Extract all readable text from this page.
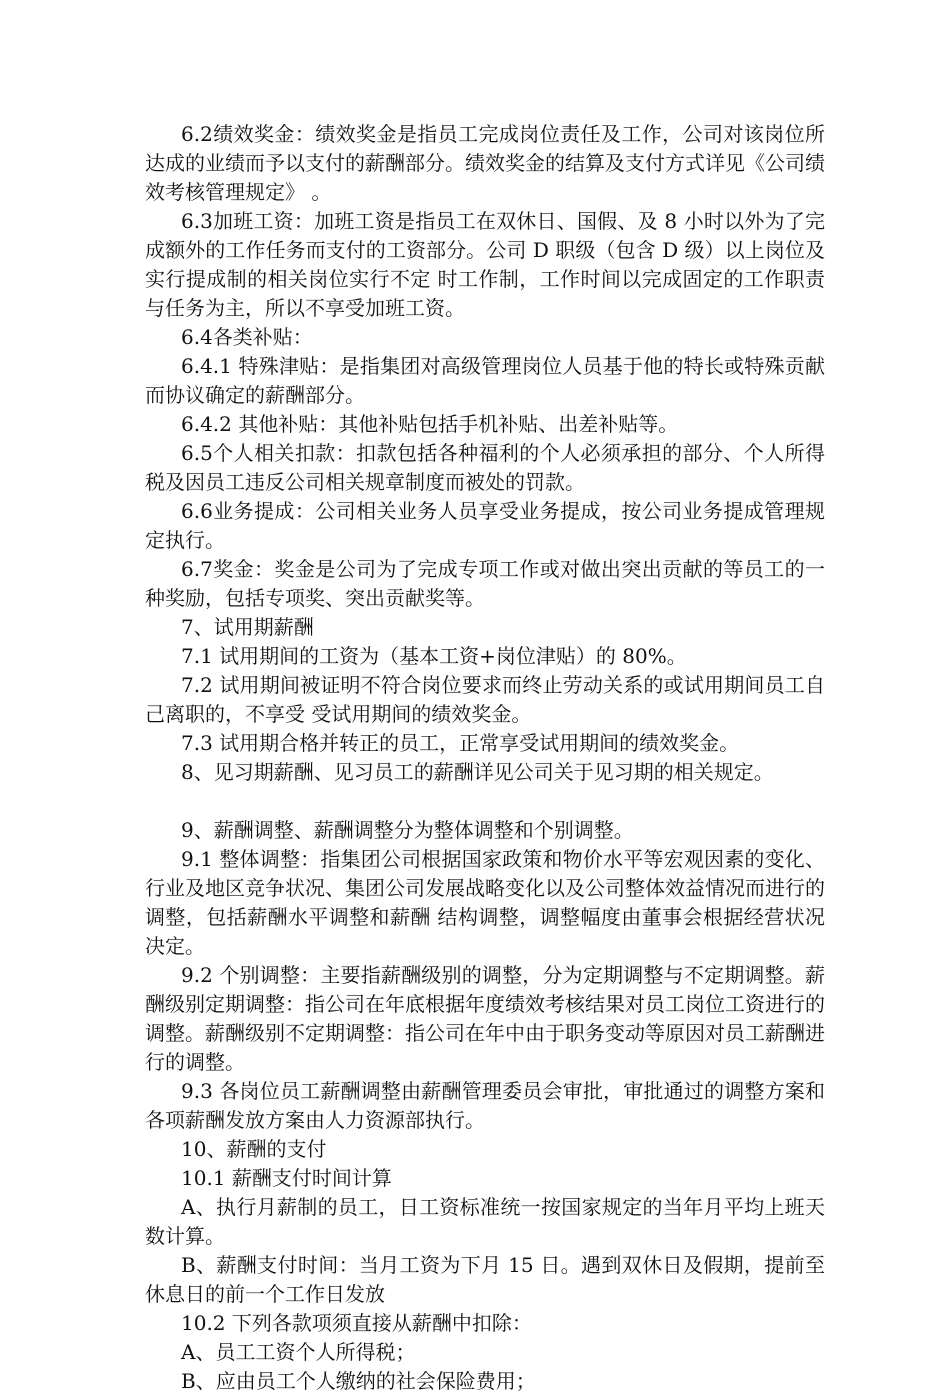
6.2绩效奖金：绩效奖金是指员工完成岗位责任及工作，公司对该岗位所达成的业绩而予以支付的薪酬部分。绩效奖金的结算及支付方式详见《公司绩效考核管理规定》 。

6.3加班工资：加班工资是指员工在双休日、国假、及 8 小时以外为了完成额外的工作任务而支付的工资部分。公司 D 职级（包含 D 级）以上岗位及实行提成制的相关岗位实行不定 时工作制，工作时间以完成固定的工作职责与任务为主，所以不享受加班工资。

6.4各类补贴：

6.4.1 特殊津贴：是指集团对高级管理岗位人员基于他的特长或特殊贡献而协议确定的薪酬部分。

6.4.2 其他补贴：其他补贴包括手机补贴、出差补贴等。

6.5个人相关扣款：扣款包括各种福利的个人必须承担的部分、个人所得税及因员工违反公司相关规章制度而被处的罚款。

6.6业务提成：公司相关业务人员享受业务提成，按公司业务提成管理规定执行。

6.7奖金：奖金是公司为了完成专项工作或对做出突出贡献的等员工的一种奖励，包括专项奖、突出贡献奖等。

7、试用期薪酬

7.1 试用期间的工资为（基本工资+岗位津贴）的 80%。

7.2 试用期间被证明不符合岗位要求而终止劳动关系的或试用期间员工自己离职的，不享受 受试用期间的绩效奖金。

7.3 试用期合格并转正的员工，正常享受试用期间的绩效奖金。

8、见习期薪酬、见习员工的薪酬详见公司关于见习期的相关规定。

9、薪酬调整、薪酬调整分为整体调整和个别调整。

9.1 整体调整：指集团公司根据国家政策和物价水平等宏观因素的变化、行业及地区竞争状况、集团公司发展战略变化以及公司整体效益情况而进行的调整，包括薪酬水平调整和薪酬 结构调整，调整幅度由董事会根据经营状况决定。

9.2 个别调整：主要指薪酬级别的调整，分为定期调整与不定期调整。薪酬级别定期调整：指公司在年底根据年度绩效考核结果对员工岗位工资进行的调整。薪酬级别不定期调整：指公司在年中由于职务变动等原因对员工薪酬进行的调整。

9.3 各岗位员工薪酬调整由薪酬管理委员会审批，审批通过的调整方案和各项薪酬发放方案由人力资源部执行。

10、薪酬的支付

10.1 薪酬支付时间计算

A、执行月薪制的员工，日工资标准统一按国家规定的当年月平均上班天数计算。

B、薪酬支付时间：当月工资为下月 15 日。遇到双休日及假期，提前至休息日的前一个工作日发放

10.2 下列各款项须直接从薪酬中扣除：

A、员工工资个人所得税；

B、应由员工个人缴纳的社会保险费用；
